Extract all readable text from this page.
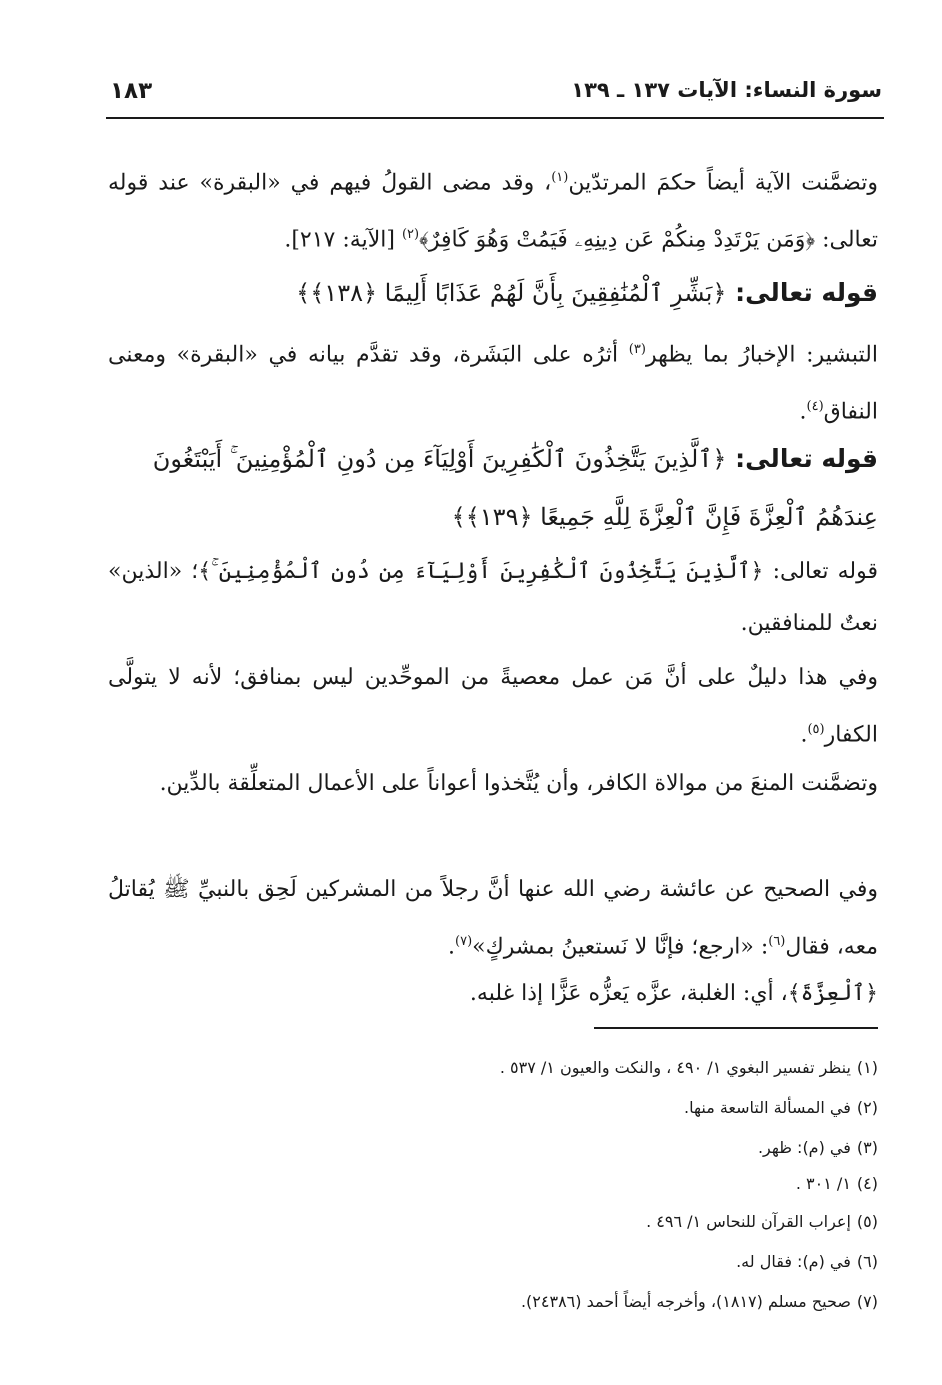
سورة النساء: الآيات ١٣٧ ـ ١٣٩
١٨٣

وتضمَّنت الآية أيضاً حكمَ المرتدّين$^{(١)}$، وقد مضى القولُ فيهم في «البقرة» عند قوله تعالى: ﴿وَمَن يَرْتَدِدْ مِنكُمْ عَن دِينِهِۦ فَيَمُتْ وَهُوَ كَافِرٌ﴾$^{(٢)}$ [الآية: ٢١٧].

قوله تعالى: ﴿بَشِّرِ ٱلْمُنَٰفِقِينَ بِأَنَّ لَهُمْ عَذَابًا أَلِيمًا ﴿١٣٨﴾﴾

التبشير: الإخبارُ بما يظهر$^{(٣)}$ أثرُه على البَشَرة، وقد تقدَّم بيانه في «البقرة» ومعنى النفاق$^{(٤)}$.

قوله تعالى: ﴿ٱلَّذِينَ يَتَّخِذُونَ ٱلْكَٰفِرِينَ أَوْلِيَآءَ مِن دُونِ ٱلْمُؤْمِنِينَ ۚ أَيَبْتَغُونَ عِندَهُمُ ٱلْعِزَّةَ فَإِنَّ ٱلْعِزَّةَ لِلَّهِ جَمِيعًا ﴿١٣٩﴾﴾

قوله تعالى: ﴿ٱلَّذِينَ يَتَّخِذُونَ ٱلْكَٰفِرِينَ أَوْلِيَآءَ مِن دُونِ ٱلْمُؤْمِنِينَ ۚ﴾؛ «الذين» نعتٌ للمنافقين.

وفي هذا دليلٌ على أنَّ مَن عمل معصيةً من الموحِّدين ليس بمنافق؛ لأنه لا يتولَّى الكفار$^{(٥)}$.

وتضمَّنت المنعَ من موالاة الكافر، وأن يُتَّخذوا أعواناً على الأعمال المتعلِّقة بالدِّين.

وفي الصحيح عن عائشة رضي الله عنها أنَّ رجلاً من المشركين لَحِق بالنبيِّ ﷺ يُقاتلُ معه، فقال$^{(٦)}$: «ارجع؛ فإنَّا لا نَستعينُ بمشركٍ»$^{(٧)}$.

﴿ٱلْعِزَّةَ﴾، أي: الغلبة، عزَّه يَعزُّه عَزًّا إذا غلبه.

(١)ينظر تفسير البغوي ١/ ٤٩٠ ، والنكت والعيون ١/ ٥٣٧ .

(٢)في المسألة التاسعة منها.

(٣)في (م): ظهر.

(٤)١/ ٣٠١ .

(٥)إعراب القرآن للنحاس ١/ ٤٩٦ .

(٦)في (م): فقال له.

(٧)صحيح مسلم (١٨١٧)، وأخرجه أيضاً أحمد (٢٤٣٨٦).
